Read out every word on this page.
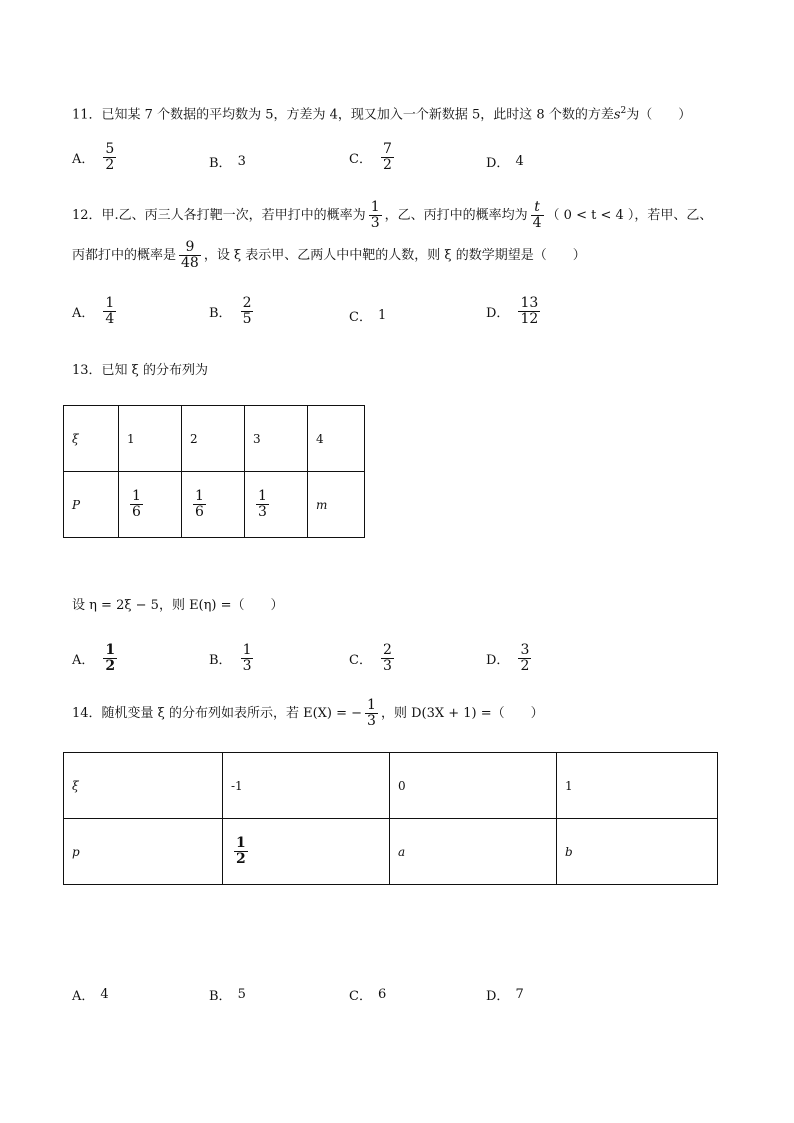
11．已知某 7 个数据的平均数为 5，方差为 4，现又加入一个新数据 5，此时这 8 个数的方差$s^2$为（　　）
A． $\frac{5}{2}$	B． 3	C． $\frac{7}{2}$	D． 4
12．甲.乙、丙三人各打靶一次，若甲打中的概率为 $\frac{1}{3}$ ，乙、丙打中的概率均为 $\frac{t}{4}$ （ 0 < t < 4 ），若甲、乙、
丙都打中的概率是 $\frac{9}{48}$ ，设 ξ 表示甲、乙两人中中靶的人数，则 ξ 的数学期望是（　　）
A． $\frac{1}{4}$	B． $\frac{2}{5}$	C． 1	D． $\frac{13}{12}$
13．已知 ξ 的分布列为
ξ	1	2	3	4
P	$\frac{1}{6}$	$\frac{1}{6}$	$\frac{1}{3}$	m
设 η = 2ξ − 5，则 E(η) =（　　）
A． $\frac{1}{2}$	B． $\frac{1}{3}$	C． $\frac{2}{3}$	D． $\frac{3}{2}$
14．随机变量 ξ 的分布列如表所示，若 E(X) = − $\frac{1}{3}$ ，则 D(3X + 1) =（　　）
ξ	-1	0	1
p	$\frac{1}{2}$	a	b
A． 4	B． 5	C． 6	D． 7
